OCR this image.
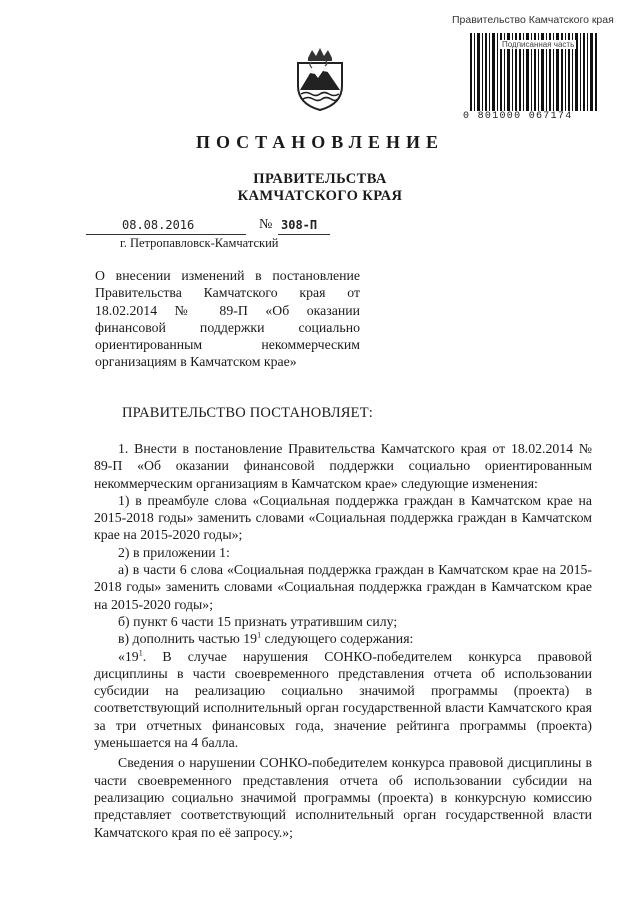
Правительство Камчатского края
Подписанная часть
0 801000 067174
ПОСТАНОВЛЕНИЕ
ПРАВИТЕЛЬСТВА
КАМЧАТСКОГО КРАЯ
08.08.2016	№ 308-П
г. Петропавловск-Камчатский
О внесении изменений в постановление Правительства Камчатского края от 18.02.2014 № 89-П «Об оказании финансовой поддержки социально ориентированным некоммерческим организациям в Камчатском крае»
ПРАВИТЕЛЬСТВО ПОСТАНОВЛЯЕТ:

1. Внести в постановление Правительства Камчатского края от 18.02.2014 № 89-П «Об оказании финансовой поддержки социально ориентированным некоммерческим организациям в Камчатском крае» следующие изменения:

1) в преамбуле слова «Социальная поддержка граждан в Камчатском крае на 2015-2018 годы» заменить словами «Социальная поддержка граждан в Камчатском крае на 2015-2020 годы»;

2) в приложении 1:

а) в части 6 слова «Социальная поддержка граждан в Камчатском крае на 2015-2018 годы» заменить словами «Социальная поддержка граждан в Камчатском крае на 2015-2020 годы»;

б) пункт 6 части 15 признать утратившим силу;

в) дополнить частью $19^1$ следующего содержания:

«$19^1$. В случае нарушения СОНКО-победителем конкурса правовой дисциплины в части своевременного представления отчета об использовании субсидии на реализацию социально значимой программы (проекта) в соответствующий исполнительный орган государственной власти Камчатского края за три отчетных финансовых года, значение рейтинга программы (проекта) уменьшается на 4 балла.

Сведения о нарушении СОНКО-победителем конкурса правовой дисциплины в части своевременного представления отчета об использовании субсидии на реализацию социально значимой программы (проекта) в конкурсную комиссию представляет соответствующий исполнительный орган государственной власти Камчатского края по её запросу.»;
